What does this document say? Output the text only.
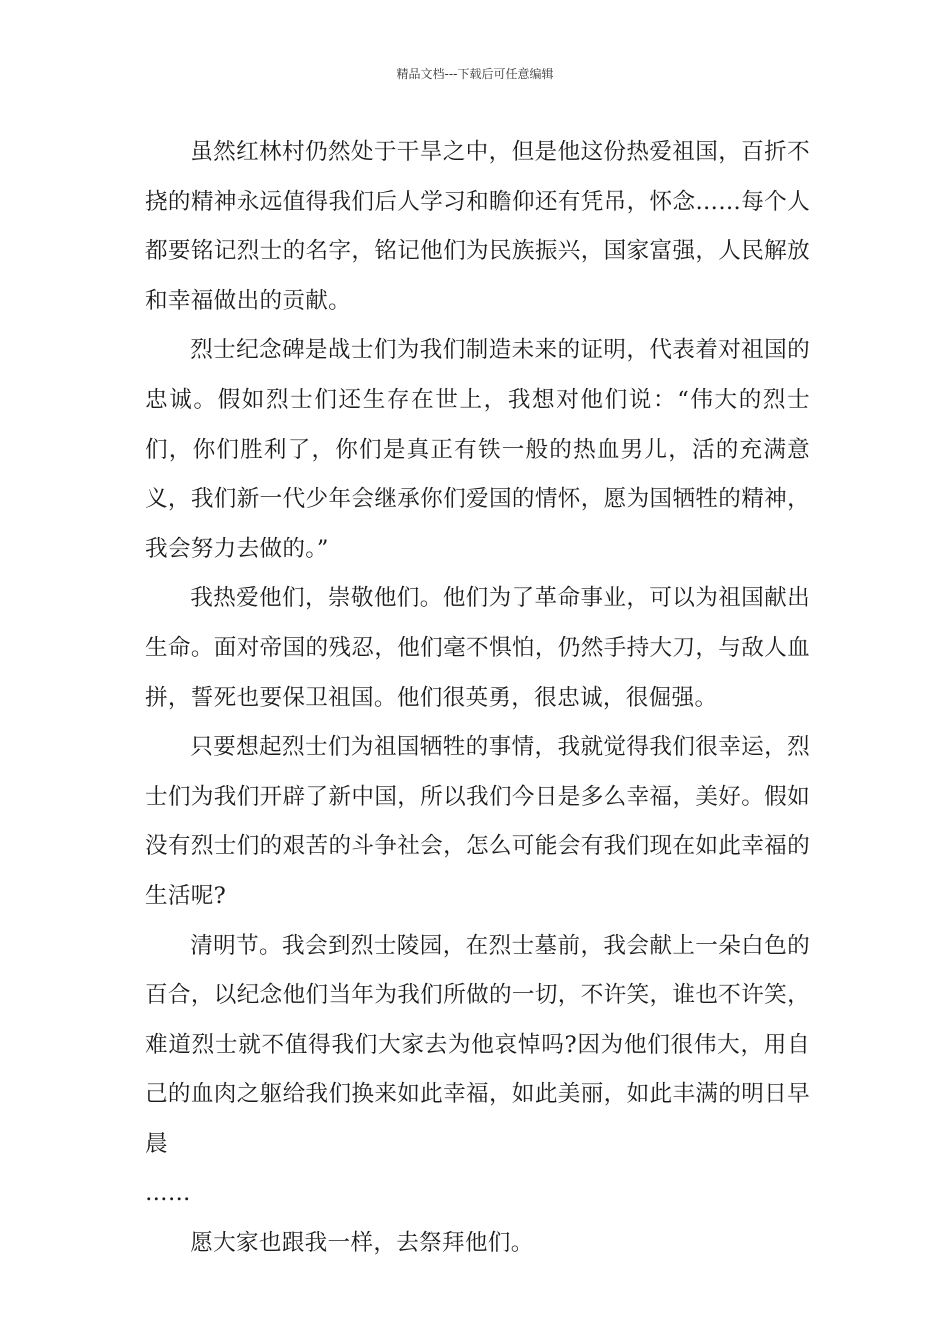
精品文档---下载后可任意编辑

虽然红林村仍然处于干旱之中，但是他这份热爱祖国，百折不挠的精神永远值得我们后人学习和瞻仰还有凭吊，怀念……每个人都要铭记烈士的名字，铭记他们为民族振兴，国家富强，人民解放和幸福做出的贡献。

烈士纪念碑是战士们为我们制造未来的证明，代表着对祖国的忠诚。假如烈士们还生存在世上，我想对他们说：“伟大的烈士们，你们胜利了，你们是真正有铁一般的热血男儿，活的充满意义，我们新一代少年会继承你们爱国的情怀，愿为国牺牲的精神，我会努力去做的。”

我热爱他们，崇敬他们。他们为了革命事业，可以为祖国献出生命。面对帝国的残忍，他们毫不惧怕，仍然手持大刀，与敌人血拼，誓死也要保卫祖国。他们很英勇，很忠诚，很倔强。

只要想起烈士们为祖国牺牲的事情，我就觉得我们很幸运，烈士们为我们开辟了新中国，所以我们今日是多么幸福，美好。假如没有烈士们的艰苦的斗争社会，怎么可能会有我们现在如此幸福的生活呢?

清明节。我会到烈士陵园，在烈士墓前，我会献上一朵白色的百合，以纪念他们当年为我们所做的一切，不许笑，谁也不许笑，难道烈士就不值得我们大家去为他哀悼吗?因为他们很伟大，用自己的血肉之躯给我们换来如此幸福，如此美丽，如此丰满的明日早晨

……

愿大家也跟我一样，去祭拜他们。
